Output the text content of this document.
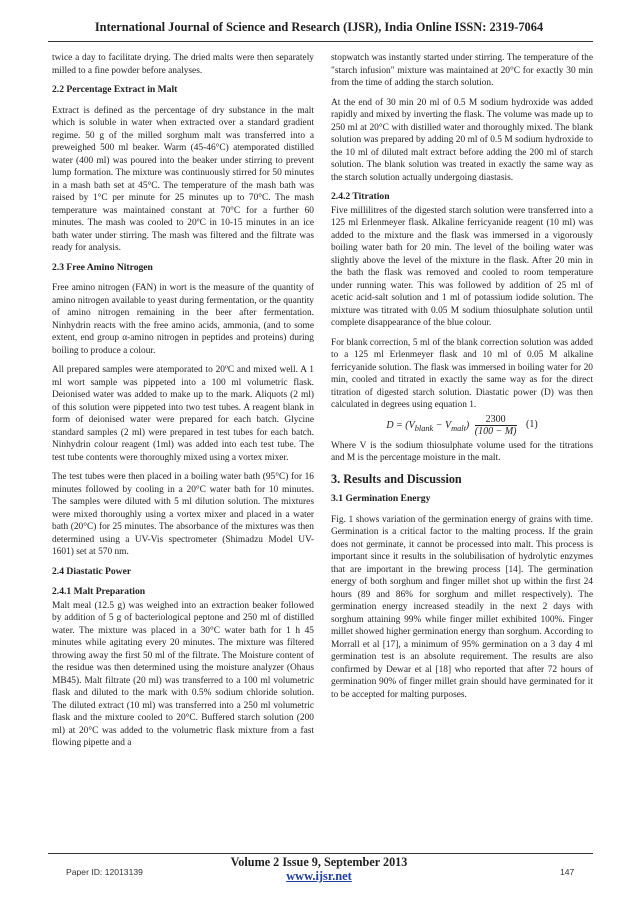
International Journal of Science and Research (IJSR), India Online ISSN: 2319-7064

twice a day to facilitate drying. The dried malts were then separately milled to a fine powder before analyses.

2.2 Percentage Extract in Malt

Extract is defined as the percentage of dry substance in the malt which is soluble in water when extracted over a standard gradient regime. 50 g of the milled sorghum malt was transferred into a preweighed 500 ml beaker. Warm (45-46°C) atemporated distilled water (400 ml) was poured into the beaker under stirring to prevent lump formation. The mixture was continuously stirred for 50 minutes in a mash bath set at 45°C. The temperature of the mash bath was raised by 1°C per minute for 25 minutes up to 70°C. The mash temperature was maintained constant at 70°C for a further 60 minutes. The mash was cooled to 20ºC in 10-15 minutes in an ice bath water under stirring. The mash was filtered and the filtrate was ready for analysis.

2.3 Free Amino Nitrogen

Free amino nitrogen (FAN) in wort is the measure of the quantity of amino nitrogen available to yeast during fermentation, or the quantity of amino nitrogen remaining in the beer after fermentation. Ninhydrin reacts with the free amino acids, ammonia, (and to some extent, end group α-amino nitrogen in peptides and proteins) during boiling to produce a colour.

All prepared samples were atemporated to 20ºC and mixed well. A 1 ml wort sample was pippeted into a 100 ml volumetric flask. Deionised water was added to make up to the mark. Aliquots (2 ml) of this solution were pippeted into two test tubes. A reagent blank in form of deionised water were prepared for each batch. Glycine standard samples (2 ml) were prepared in test tubes for each batch. Ninhydrin colour reagent (1ml) was added into each test tube. The test tube contents were thoroughly mixed using a vortex mixer.

The test tubes were then placed in a boiling water bath (95°C) for 16 minutes followed by cooling in a 20°C water bath for 10 minutes. The samples were diluted with 5 ml dilution solution. The mixtures were mixed thoroughly using a vortex mixer and placed in a water bath (20°C) for 25 minutes. The absorbance of the mixtures was then determined using a UV-Vis spectrometer (Shimadzu Model UV-1601) set at 570 nm.

2.4 Diastatic Power
2.4.1 Malt Preparation

Malt meal (12.5 g) was weighed into an extraction beaker followed by addition of 5 g of bacteriological peptone and 250 ml of distilled water. The mixture was placed in a 30°C water bath for 1 h 45 minutes while agitating every 20 minutes. The mixture was filtered throwing away the first 50 ml of the filtrate. The Moisture content of the residue was then determined using the moisture analyzer (Ohaus MB45). Malt filtrate (20 ml) was transferred to a 100 ml volumetric flask and diluted to the mark with 0.5% sodium chloride solution. The diluted extract (10 ml) was transferred into a 250 ml volumetric flask and the mixture cooled to 20°C. Buffered starch solution (200 ml) at 20°C was added to the volumetric flask mixture from a fast flowing pipette and a

stopwatch was instantly started under stirring. The temperature of the "starch infusion" mixture was maintained at 20°C for exactly 30 min from the time of adding the starch solution.

At the end of 30 min 20 ml of 0.5 M sodium hydroxide was added rapidly and mixed by inverting the flask. The volume was made up to 250 ml at 20°C with distilled water and thoroughly mixed. The blank solution was prepared by adding 20 ml of 0.5 M sodium hydroxide to the 10 ml of diluted malt extract before adding the 200 ml of starch solution. The blank solution was treated in exactly the same way as the starch solution actually undergoing diastasis.

2.4.2 Titration

Five millilitres of the digested starch solution were transferred into a 125 ml Erlenmeyer flask. Alkaline ferricyanide reagent (10 ml) was added to the mixture and the flask was immersed in a vigorously boiling water bath for 20 min. The level of the boiling water was slightly above the level of the mixture in the flask. After 20 min in the bath the flask was removed and cooled to room temperature under running water. This was followed by addition of 25 ml of acetic acid-salt solution and 1 ml of potassium iodide solution. The mixture was titrated with 0.05 M sodium thiosulphate solution until complete disappearance of the blue colour.

For blank correction, 5 ml of the blank correction solution was added to a 125 ml Erlenmeyer flask and 10 ml of 0.05 M alkaline ferricyanide solution. The flask was immersed in boiling water for 20 min, cooled and titrated in exactly the same way as for the direct titration of digested starch solution. Diastatic power (D) was then calculated in degrees using equation 1.

$D = (V_{blank} - V_{malt}) \frac{2300}{(100 - M)} (1)$

Where V is the sodium thiosulphate volume used for the titrations and M is the percentage moisture in the malt.

3. Results and Discussion
3.1 Germination Energy

Fig. 1 shows variation of the germination energy of grains with time. Germination is a critical factor to the malting process. If the grain does not germinate, it cannot be processed into malt. This process is important since it results in the solubilisation of hydrolytic enzymes that are important in the brewing process [14]. The germination energy of both sorghum and finger millet shot up within the first 24 hours (89 and 86% for sorghum and millet respectively). The germination energy increased steadily in the next 2 days with sorghum attaining 99% while finger millet exhibited 100%. Finger millet showed higher germination energy than sorghum. According to Morrall et al [17], a minimum of 95% germination on a 3 day 4 ml germination test is an absolute requirement. The results are also confirmed by Dewar et al [18] who reported that after 72 hours of germination 90% of finger millet grain should have germinated for it to be accepted for malting purposes.

Paper ID: 12013139
Volume 2 Issue 9, September 2013
www.ijsr.net	147
